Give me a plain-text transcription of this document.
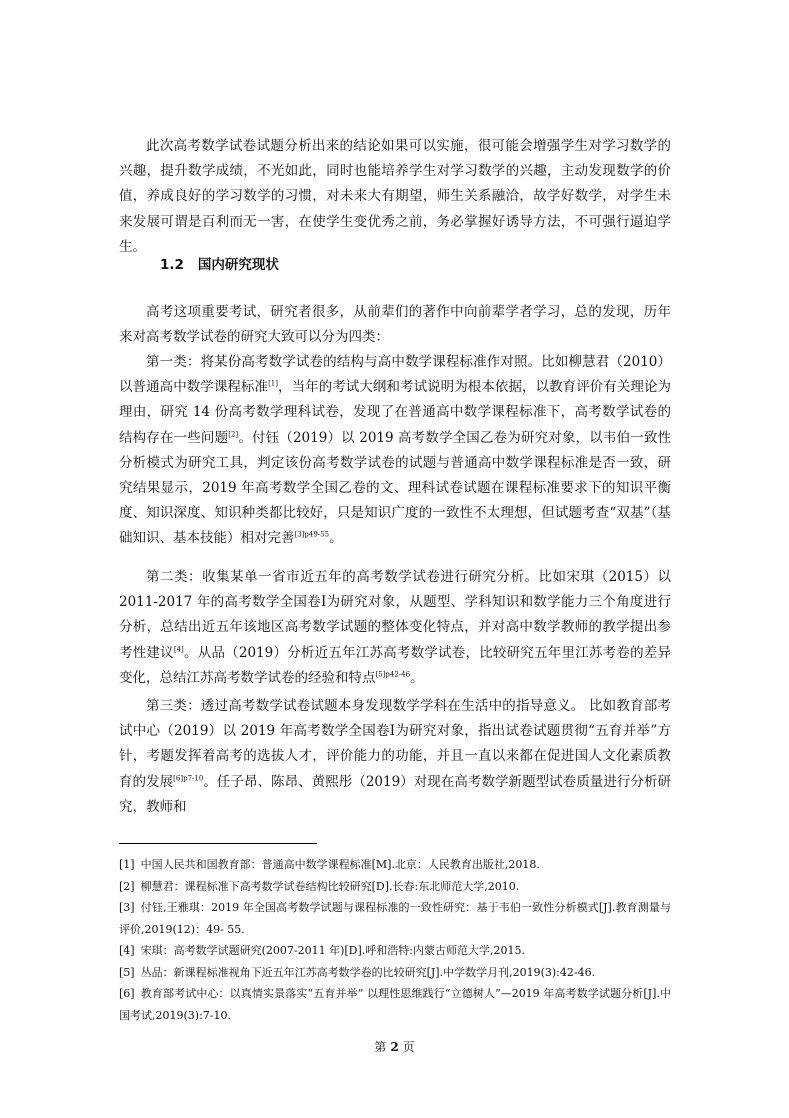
此次高考数学试卷试题分析出来的结论如果可以实施，很可能会增强学生对学习数学的兴趣，提升数学成绩，不光如此，同时也能培养学生对学习数学的兴趣，主动发现数学的价值，养成良好的学习数学的习惯，对未来大有期望，师生关系融洽，故学好数学，对学生未来发展可谓是百利而无一害，在使学生变优秀之前，务必掌握好诱导方法，不可强行逼迫学生。

1.2 国内研究现状

高考这项重要考试，研究者很多，从前辈们的著作中向前辈学者学习，总的发现，历年来对高考数学试卷的研究大致可以分为四类：

第一类：将某份高考数学试卷的结构与高中数学课程标准作对照。比如柳慧君（2010）以普通高中数学课程标准[1]，当年的考试大纲和考试说明为根本依据，以教育评价有关理论为理由，研究 14 份高考数学理科试卷，发现了在普通高中数学课程标准下，高考数学试卷的结构存在一些问题[2]。付钰（2019）以 2019 高考数学全国乙卷为研究对象，以韦伯一致性分析模式为研究工具，判定该份高考数学试卷的试题与普通高中数学课程标准是否一致，研究结果显示，2019 年高考数学全国乙卷的文、理科试卷试题在课程标准要求下的知识平衡度、知识深度、知识种类都比较好，只是知识广度的一致性不太理想，但试题考查“双基”（基础知识、基本技能）相对完善$^{[3]p49-55}$。

第二类：收集某单一省市近五年的高考数学试卷进行研究分析。比如宋琪（2015）以 2011-2017 年的高考数学全国卷Ⅰ为研究对象，从题型、学科知识和数学能力三个角度进行分析，总结出近五年该地区高考数学试题的整体变化特点，并对高中数学教师的教学提出参考性建议[4]。从品（2019）分析近五年江苏高考数学试卷，比较研究五年里江苏考卷的差异变化，总结江苏高考数学试卷的经验和特点$^{[5]p42-46}$。

第三类：透过高考数学试卷试题本身发现数学学科在生活中的指导意义。 比如教育部考试中心（2019）以 2019 年高考数学全国卷Ⅰ为研究对象，指出试卷试题贯彻“五育并举”方针，考题发挥着高考的选拔人才，评价能力的功能，并且一直以来都在促进国人文化素质教育的发展$^{[6]p7-10}$。任子昂、陈昂、黄熙彤（2019）对现在高考数学新题型试卷质量进行分析研究，教师和

[1] 中国人民共和国教育部：普通高中数学课程标准[M].北京：人民教育出版社,2018.
[2] 柳慧君：课程标准下高考数学试卷结构比较研究[D].长春:东北师范大学,2010.
[3] 付钰,王雅琪：2019 年全国高考数学试题与课程标准的一致性研究：基于韦伯一致性分析模式[J].教育测量与评价,2019(12)：49- 55.
[4] 宋琪：高考数学试题研究(2007-2011 年)[D].呼和浩特:内蒙古师范大学,2015.
[5] 丛品：新课程标准视角下近五年江苏高考数学卷的比较研究[J].中学数学月刊,2019(3):42-46.
[6] 教育部考试中心：以真情实景落实“五育并举” 以理性思维践行“立德树人”—2019 年高考数学试题分析[J].中国考试,2019(3):7-10.
第 2 页
